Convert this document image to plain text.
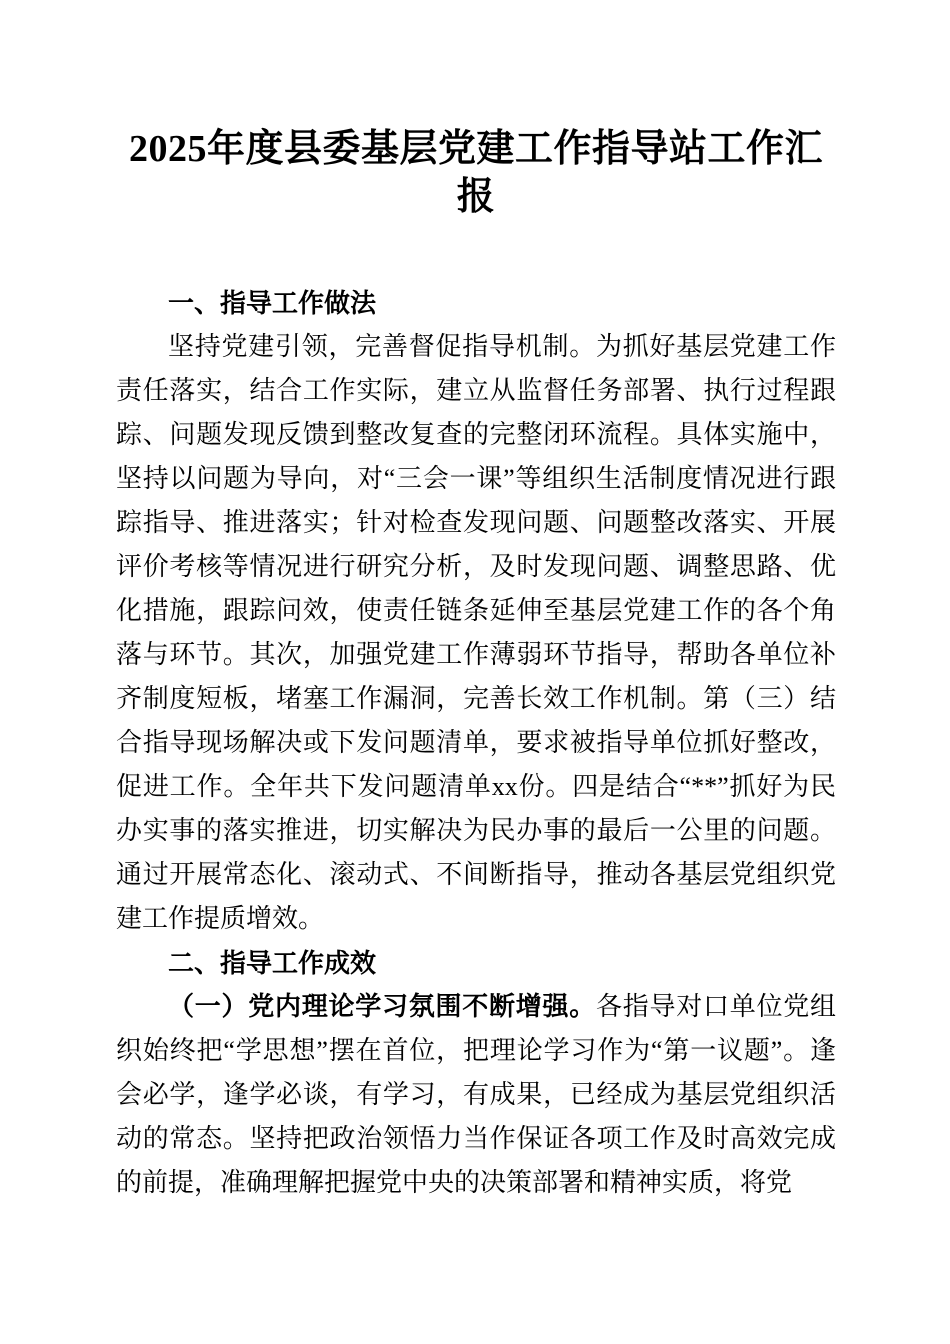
2025年度县委基层党建工作指导站工作汇报
一、指导工作做法

坚持党建引领，完善督促指导机制。为抓好基层党建工作责任落实，结合工作实际，建立从监督任务部署、执行过程跟踪、问题发现反馈到整改复查的完整闭环流程。具体实施中，坚持以问题为导向，对“三会一课”等组织生活制度情况进行跟踪指导、推进落实；针对检查发现问题、问题整改落实、开展评价考核等情况进行研究分析，及时发现问题、调整思路、优化措施，跟踪问效，使责任链条延伸至基层党建工作的各个角落与环节。其次，加强党建工作薄弱环节指导，帮助各单位补齐制度短板，堵塞工作漏洞，完善长效工作机制。第（三）结合指导现场解决或下发问题清单，要求被指导单位抓好整改，促进工作。全年共下发问题清单xx份。四是结合“**”抓好为民办实事的落实推进，切实解决为民办事的最后一公里的问题。通过开展常态化、滚动式、不间断指导，推动各基层党组织党建工作提质增效。

二、指导工作成效

（一）党内理论学习氛围不断增强。各指导对口单位党组织始终把“学思想”摆在首位，把理论学习作为“第一议题”。逢会必学，逢学必谈，有学习，有成果，已经成为基层党组织活动的常态。坚持把政治领悟力当作保证各项工作及时高效完成的前提，准确理解把握党中央的决策部署和精神实质，将党
